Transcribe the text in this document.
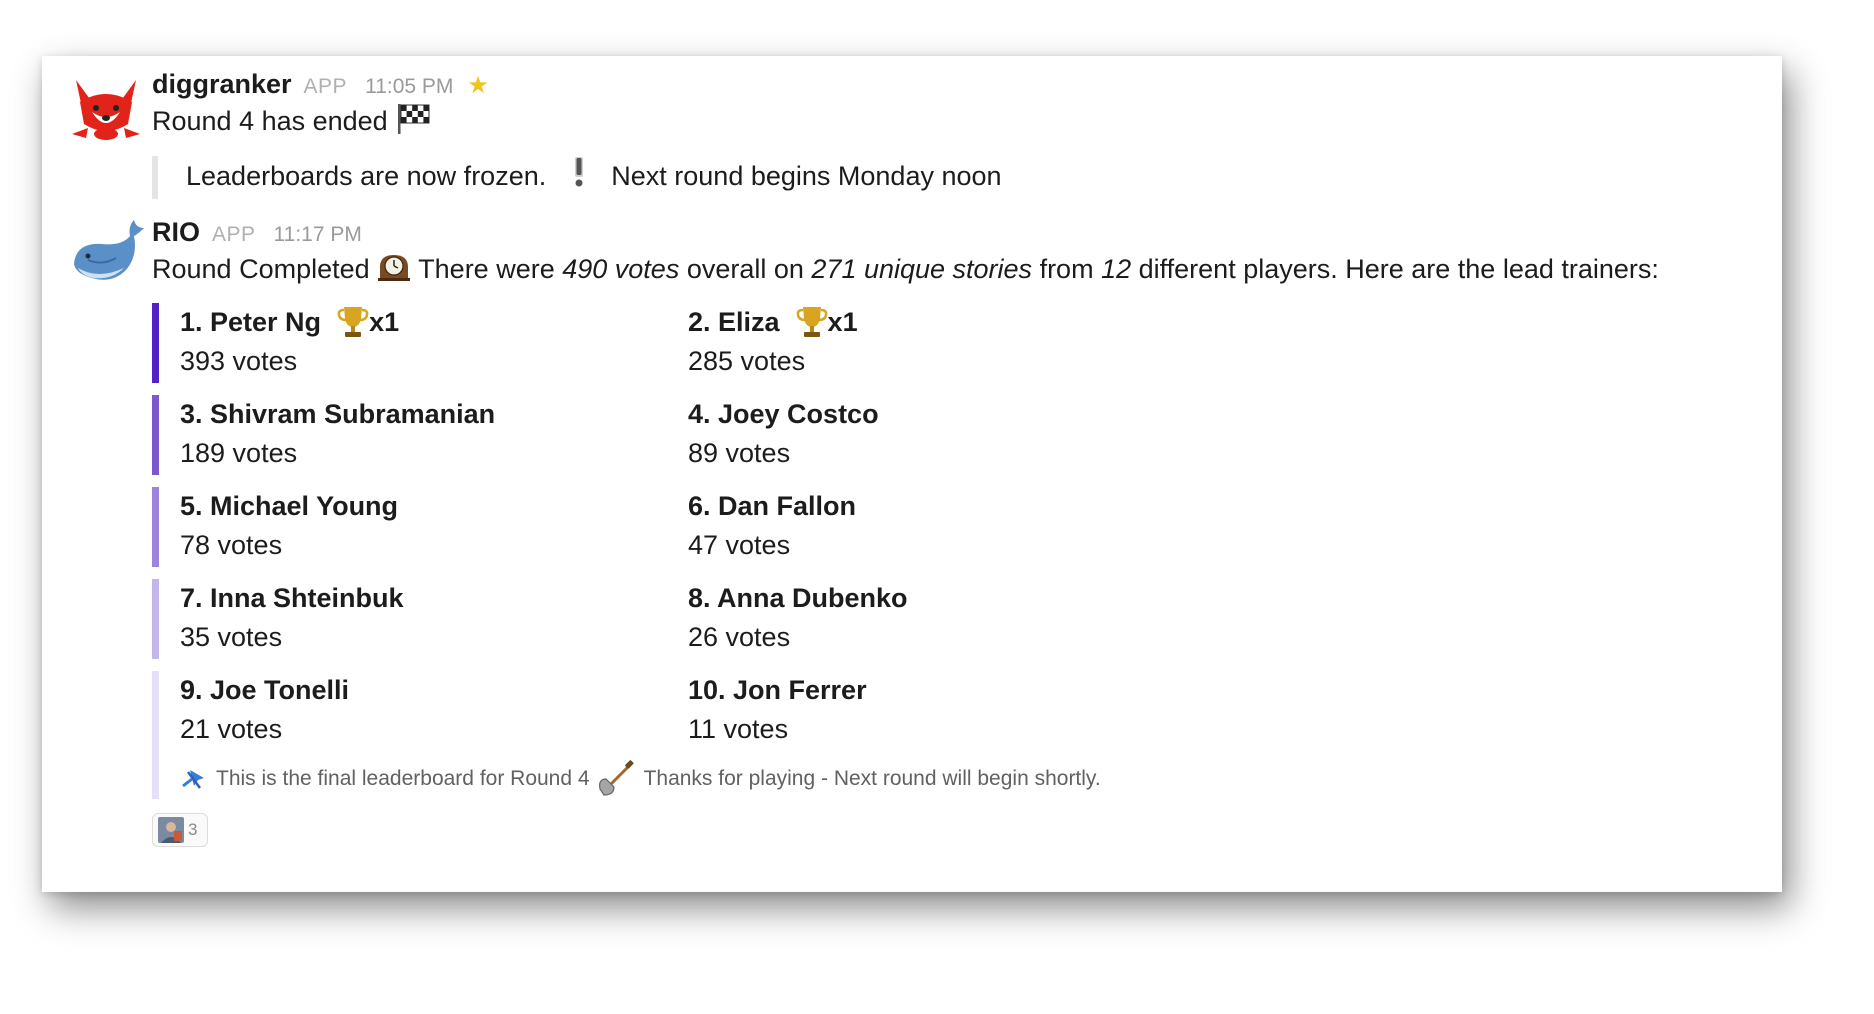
diggranker APP 11:05 PM ★
Round 4 has ended
Leaderboards are now frozen. Next round begins Monday noon
RIO APP 11:17 PM
Round Completed  There were 490 votes overall on 271 unique stories from 12 different players. Here are the lead trainers:
1. Peter Ng x1
393 votes
2. Eliza x1
285 votes
3. Shivram Subramanian
189 votes
4. Joey Costco
89 votes
5. Michael Young
78 votes
6. Dan Fallon
47 votes
7. Inna Shteinbuk
35 votes
8. Anna Dubenko
26 votes
9. Joe Tonelli
21 votes
10. Jon Ferrer
11 votes
This is the final leaderboard for Round 4	Thanks for playing - Next round will begin shortly.
3
